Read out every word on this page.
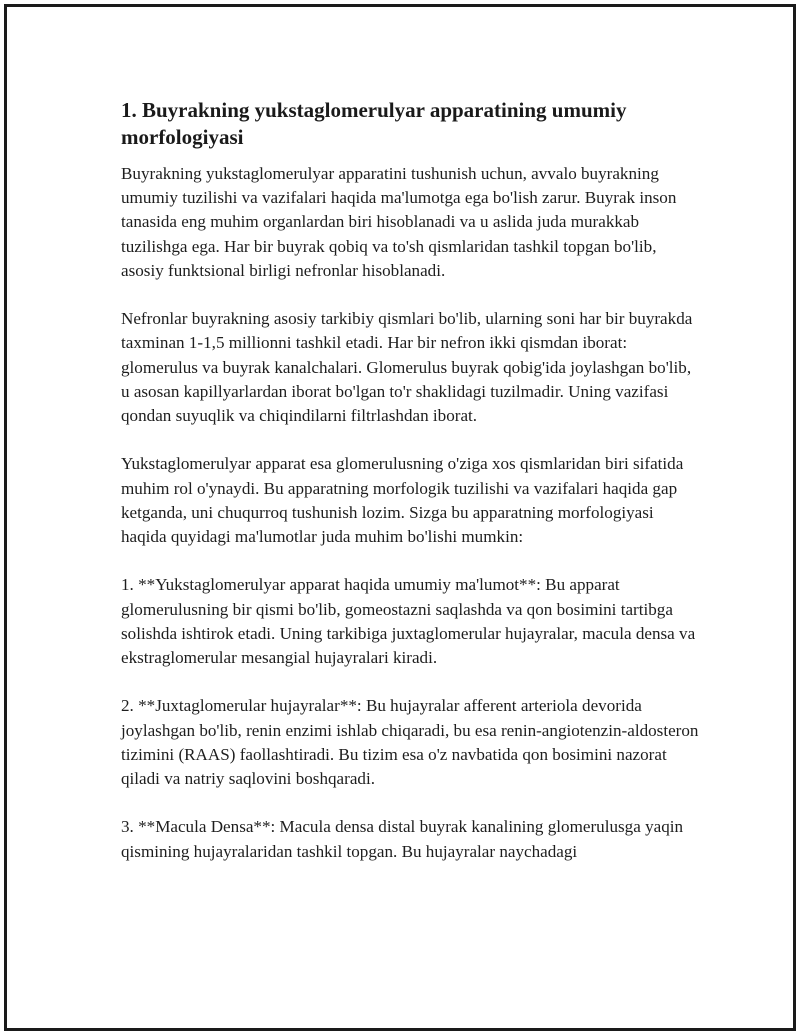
1. Buyrakning yukstaglomerulyar apparatining umumiy morfologiyasi

Buyrakning yukstaglomerulyar apparatini tushunish uchun, avvalo buyrakning umumiy tuzilishi va vazifalari haqida ma'lumotga ega bo'lish zarur. Buyrak inson tanasida eng muhim organlardan biri hisoblanadi va u aslida juda murakkab tuzilishga ega. Har bir buyrak qobiq va to'sh qismlaridan tashkil topgan bo'lib, asosiy funktsional birligi nefronlar hisoblanadi.

Nefronlar buyrakning asosiy tarkibiy qismlari bo'lib, ularning soni har bir buyrakda taxminan 1-1,5 millionni tashkil etadi. Har bir nefron ikki qismdan iborat: glomerulus va buyrak kanalchalari. Glomerulus buyrak qobig'ida joylashgan bo'lib, u asosan kapillyarlardan iborat bo'lgan to'r shaklidagi tuzilmadir. Uning vazifasi qondan suyuqlik va chiqindilarni filtrlashdan iborat.

Yukstaglomerulyar apparat esa glomerulusning o'ziga xos qismlaridan biri sifatida muhim rol o'ynaydi. Bu apparatning morfologik tuzilishi va vazifalari haqida gap ketganda, uni chuqurroq tushunish lozim. Sizga bu apparatning morfologiyasi haqida quyidagi ma'lumotlar juda muhim bo'lishi mumkin:

1. **Yukstaglomerulyar apparat haqida umumiy ma'lumot**: Bu apparat glomerulusning bir qismi bo'lib, gomeostazni saqlashda va qon bosimini tartibga solishda ishtirok etadi. Uning tarkibiga juxtaglomerular hujayralar, macula densa va ekstraglomerular mesangial hujayralari kiradi.

2. **Juxtaglomerular hujayralar**: Bu hujayralar afferent arteriola devorida joylashgan bo'lib, renin enzimi ishlab chiqaradi, bu esa renin-angiotenzin-aldosteron tizimini (RAAS) faollashtiradi. Bu tizim esa o'z navbatida qon bosimini nazorat qiladi va natriy saqlovini boshqaradi.

3. **Macula Densa**: Macula densa distal buyrak kanalining glomerulusga yaqin qismining hujayralaridan tashkil topgan. Bu hujayralar naychadagi
